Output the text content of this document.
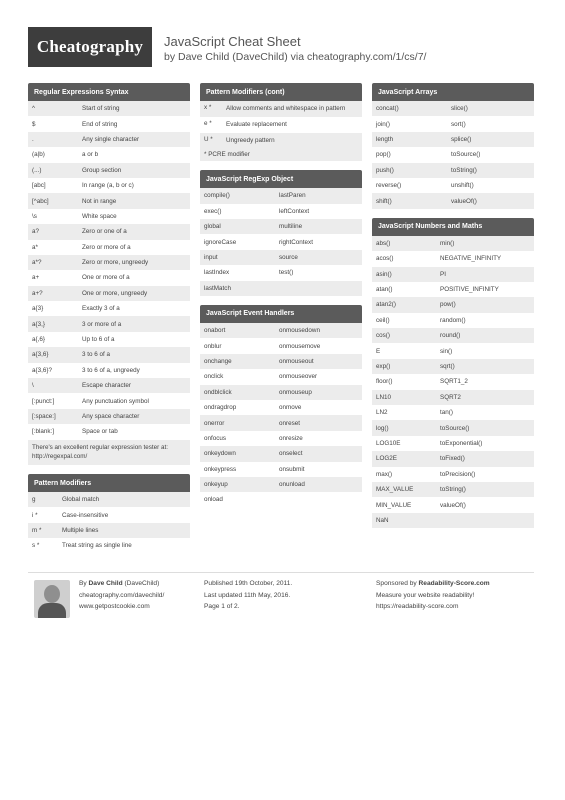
Cheatography	JavaScript Cheat Sheet
by Dave Child (DaveChild) via cheatography.com/1/cs/7/
Regular Expressions Syntax
^	Start of string
$	End of string
.	Any single character
(a|b)	a or b
(...)	Group section
[abc]	In range (a, b or c)
[^abc]	Not in range
\s	White space
a?	Zero or one of a
a*	Zero or more of a
a*?	Zero or more, ungreedy
a+	One or more of a
a+?	One or more, ungreedy
a{3}	Exactly 3 of a
a{3,}	3 or more of a
a{,6}	Up to 6 of a
a{3,6}	3 to 6 of a
a{3,6}?	3 to 6 of a, ungreedy
\	Escape character
[:punct:]	Any punctuation symbol
[:space:]	Any space character
[:blank:]	Space or tab
There's an excellent regular expression tester at: http://regexpal.com/
Pattern Modifiers
g	Global match
i *	Case-insensitive
m *	Multiple lines
s *	Treat string as single line
Pattern Modifiers (cont)
x *	Allow comments and whitespace in pattern
e *	Evaluate replacement
U *	Ungreedy pattern
* PCRE modifier
JavaScript RegExp Object
compile()	lastParen
exec()	leftContext
global	multiline
ignoreCase	rightContext
input	source
lastIndex	test()
lastMatch
JavaScript Event Handlers
onabort	onmousedown
onblur	onmousemove
onchange	onmouseout
onclick	onmouseover
ondblclick	onmouseup
ondragdrop	onmove
onerror	onreset
onfocus	onresize
onkeydown	onselect
onkeypress	onsubmit
onkeyup	onunload
onload
JavaScript Arrays
concat()	slice()
join()	sort()
length	splice()
pop()	toSource()
push()	toString()
reverse()	unshift()
shift()	valueOf()
JavaScript Numbers and Maths
abs()	min()
acos()	NEGATIVE_INFINITY
asin()	PI
atan()	POSITIVE_INFINITY
atan2()	pow()
ceil()	random()
cos()	round()
E	sin()
exp()	sqrt()
floor()	SQRT1_2
LN10	SQRT2
LN2	tan()
log()	toSource()
LOG10E	toExponential()
LOG2E	toFixed()
max()	toPrecision()
MAX_VALUE	toString()
MIN_VALUE	valueOf()
NaN
By Dave Child (DaveChild)
cheatography.com/davechild/
www.getpostcookie.com
Published 19th October, 2011.
Last updated 11th May, 2016.
Page 1 of 2.
Sponsored by Readability-Score.com
Measure your website readability!
https://readability-score.com
